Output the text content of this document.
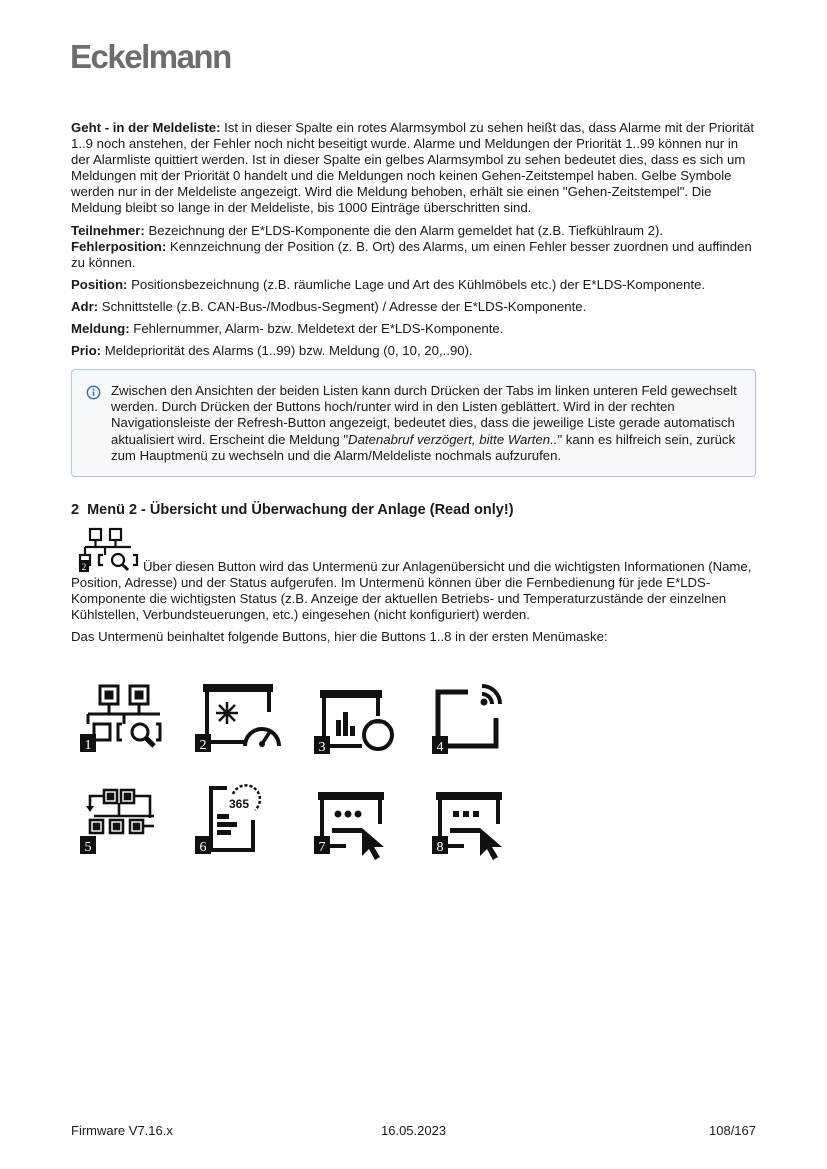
Eckelmann

Geht - in der Meldeliste: Ist in dieser Spalte ein rotes Alarmsymbol zu sehen heißt das, dass Alarme mit der Priorität 1..9 noch anstehen, der Fehler noch nicht beseitigt wurde. Alarme und Meldungen der Priorität 1..99 können nur in der Alarmliste quittiert werden. Ist in dieser Spalte ein gelbes Alarmsymbol zu sehen bedeutet dies, dass es sich um Meldungen mit der Priorität 0 handelt und die Meldungen noch keinen Gehen-Zeitstempel haben. Gelbe Symbole werden nur in der Meldeliste angezeigt. Wird die Meldung behoben, erhält sie einen "Gehen-Zeitstempel". Die Meldung bleibt so lange in der Meldeliste, bis 1000 Einträge überschritten sind.

Teilnehmer: Bezeichnung der E*LDS-Komponente die den Alarm gemeldet hat (z.B. Tiefkühlraum 2).

Fehlerposition: Kennzeichnung der Position (z. B. Ort) des Alarms, um einen Fehler besser zuordnen und auffinden zu können.

Position: Positionsbezeichnung (z.B. räumliche Lage und Art des Kühlmöbels etc.) der E*LDS-Komponente.

Adr: Schnittstelle (z.B. CAN-Bus-/Modbus-Segment) / Adresse der E*LDS-Komponente.

Meldung: Fehlernummer, Alarm- bzw. Meldetext der E*LDS-Komponente.

Prio: Meldepriorität des Alarms (1..99) bzw. Meldung (0, 10, 20,..90).

Zwischen den Ansichten der beiden Listen kann durch Drücken der Tabs im linken unteren Feld gewechselt werden. Durch Drücken der Buttons hoch/runter wird in den Listen geblättert. Wird in der rechten Navigationsleiste der Refresh-Button angezeigt, bedeutet dies, dass die jeweilige Liste gerade automatisch aktualisiert wird. Erscheint die Meldung "Datenabruf verzögert, bitte Warten.." kann es hilfreich sein, zurück zum Hauptmenü zu wechseln und die Alarm/Meldeliste nochmals aufzurufen.

2 Menü 2 - Übersicht und Überwachung der Anlage (Read only!)
2	Über diesen Button wird das Untermenü zur Anlagenübersicht und die wichtigsten Informationen (Name, Position, Adresse) und der Status aufgerufen. Im Untermenü können über die Fernbedienung für jede E*LDS-Komponente die wichtigsten Status (z.B. Anzeige der aktuellen Betriebs- und Temperaturzustände der einzelnen Kühlstellen, Verbundsteuerungen, etc.) eingesehen (nicht konfiguriert) werden.

Das Untermenü beinhaltet folgende Buttons, hier die Buttons 1..8 in der ersten Menümaske:

1	2	3	4
5
365
6	7	8
Firmware V7.16.x	16.05.2023	108/167
